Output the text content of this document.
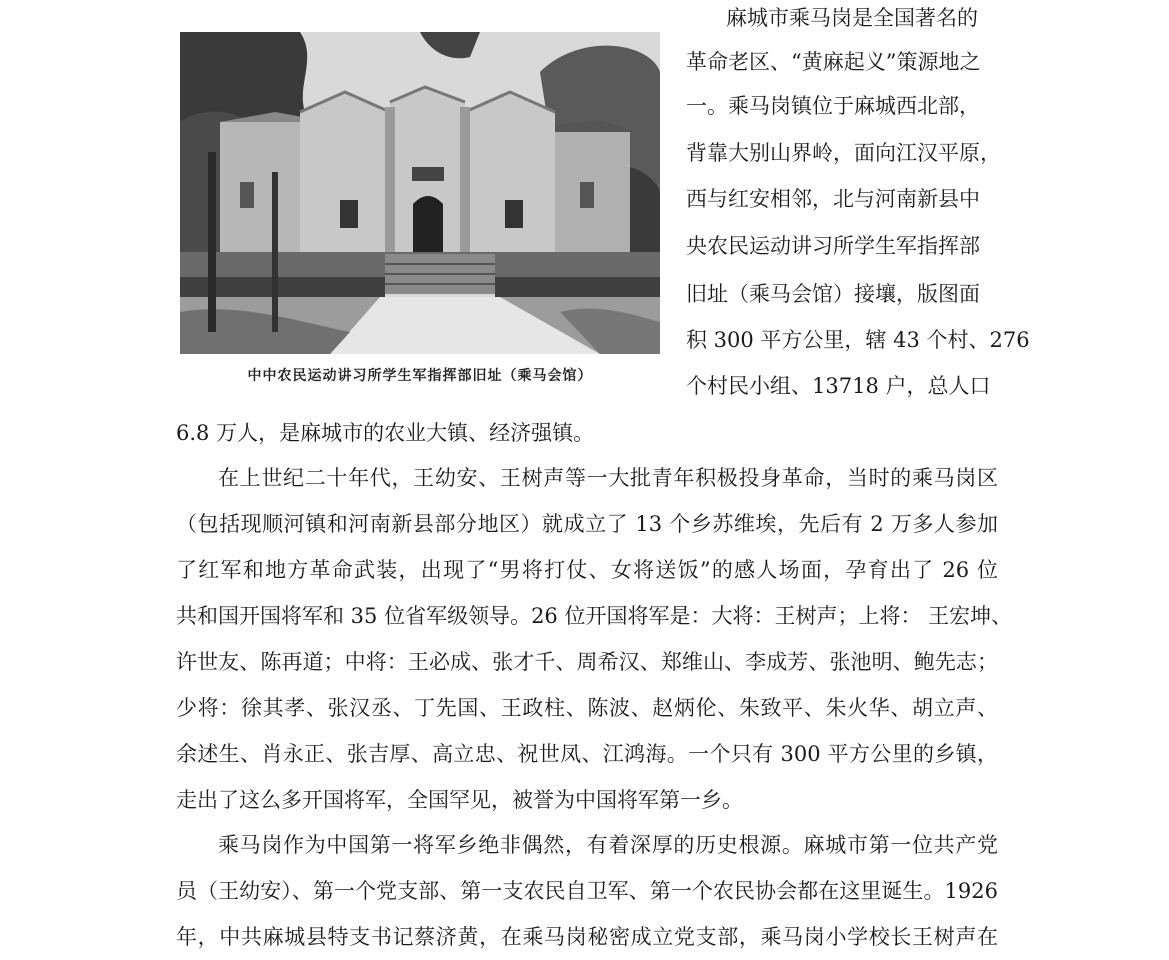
中中农民运动讲习所学生军指挥部旧址（乘马会馆）
麻城市乘马岗是全国著名的
革命老区、“黄麻起义”策源地之
一。乘马岗镇位于麻城西北部，
背靠大别山界岭，面向江汉平原，
西与红安相邻，北与河南新县中
央农民运动讲习所学生军指挥部
旧址（乘马会馆）接壤，版图面
积 300 平方公里，辖 43 个村、276
个村民小组、13718 户，总人口
6.8 万人，是麻城市的农业大镇、经济强镇。
在上世纪二十年代，王幼安、王树声等一大批青年积极投身革命，当时的乘马岗区
（包括现顺河镇和河南新县部分地区）就成立了 13 个乡苏维埃，先后有 2 万多人参加
了红军和地方革命武装，出现了“男将打仗、女将送饭”的感人场面，孕育出了 26 位
共和国开国将军和 35 位省军级领导。26 位开国将军是：大将：王树声；上将： 王宏坤、
许世友、陈再道；中将：王必成、张才千、周希汉、郑维山、李成芳、张池明、鲍先志；
少将：徐其孝、张汉丞、丁先国、王政柱、陈波、赵炳伦、朱致平、朱火华、胡立声、
余述生、肖永正、张吉厚、高立忠、祝世凤、江鸿海。一个只有 300 平方公里的乡镇，
走出了这么多开国将军，全国罕见，被誉为中国将军第一乡。
乘马岗作为中国第一将军乡绝非偶然，有着深厚的历史根源。麻城市第一位共产党
员（王幼安）、第一个党支部、第一支农民自卫军、第一个农民协会都在这里诞生。1926
年，中共麻城县特支书记蔡济黄，在乘马岗秘密成立党支部，乘马岗小学校长王树声在
